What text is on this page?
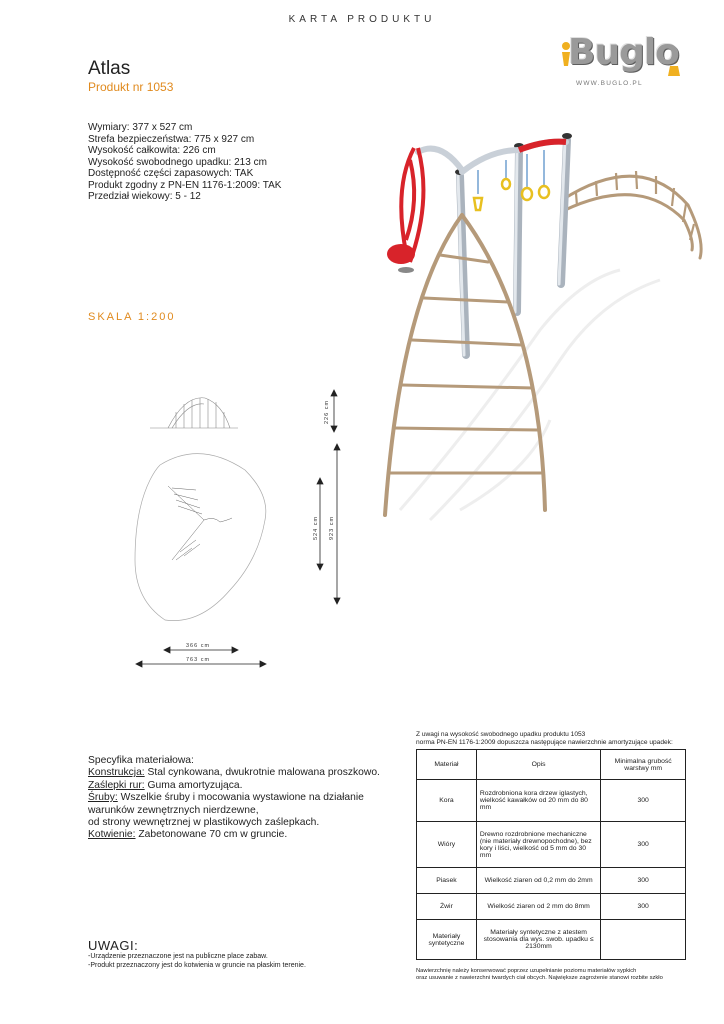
KARTA PRODUKTU
Buglo
WWW.BUGLO.PL
Atlas
Produkt nr 1053
Wymiary: 377 x 527 cm
Strefa bezpieczeństwa: 775 x 927 cm
Wysokość całkowita: 226 cm
Wysokość swobodnego upadku: 213 cm
Dostępność części zapasowych: TAK
Produkt zgodny z PN-EN 1176-1:2009: TAK
Przedział wiekowy: 5 - 12
SKALA 1:200
226 cm
524 cm 923 cm
366 cm
763 cm
Specyfika materiałowa:
Konstrukcja: Stal cynkowana, dwukrotnie malowana proszkowo.
Zaślepki rur: Guma amortyzująca.
Śruby: Wszelkie śruby i mocowania wystawione na działanie
warunków zewnętrznych nierdzewne,
od strony wewnętrznej w plastikowych zaślepkach.
Kotwienie: Zabetonowane 70 cm w gruncie.
UWAGI:
-Urządzenie przeznaczone jest na publiczne place zabaw.
-Produkt przeznaczony jest do kotwienia w gruncie na płaskim terenie.
Z uwagi na wysokość swobodnego upadku produktu 1053
norma PN-EN 1176-1:2009 dopuszcza następujące nawierzchnie amortyzujące upadek:
Materiał	Opis	Minimalna grubość warstwy mm
Kora	Rozdrobniona kora drzew iglastych, wielkość kawałków od 20 mm do 80 mm	300
Wióry	Drewno rozdrobnione mechaniczne (nie materiały drewnopochodne), bez kory i liści, wielkość od 5 mm do 30 mm	300
Piasek	Wielkość ziaren od 0,2 mm do 2mm	300
Żwir	Wielkość ziaren od 2 mm do 8mm	300
Materiały syntetyczne	Materiały syntetyczne z atestem stosowania dla wys. swob. upadku ≤ 2130mm	
Nawierzchnię należy konserwować poprzez uzupełnianie poziomu materiałów sypkich
oraz usuwanie z nawierzchni twardych ciał obcych. Największe zagrożenie stanowi rozbite szkło
